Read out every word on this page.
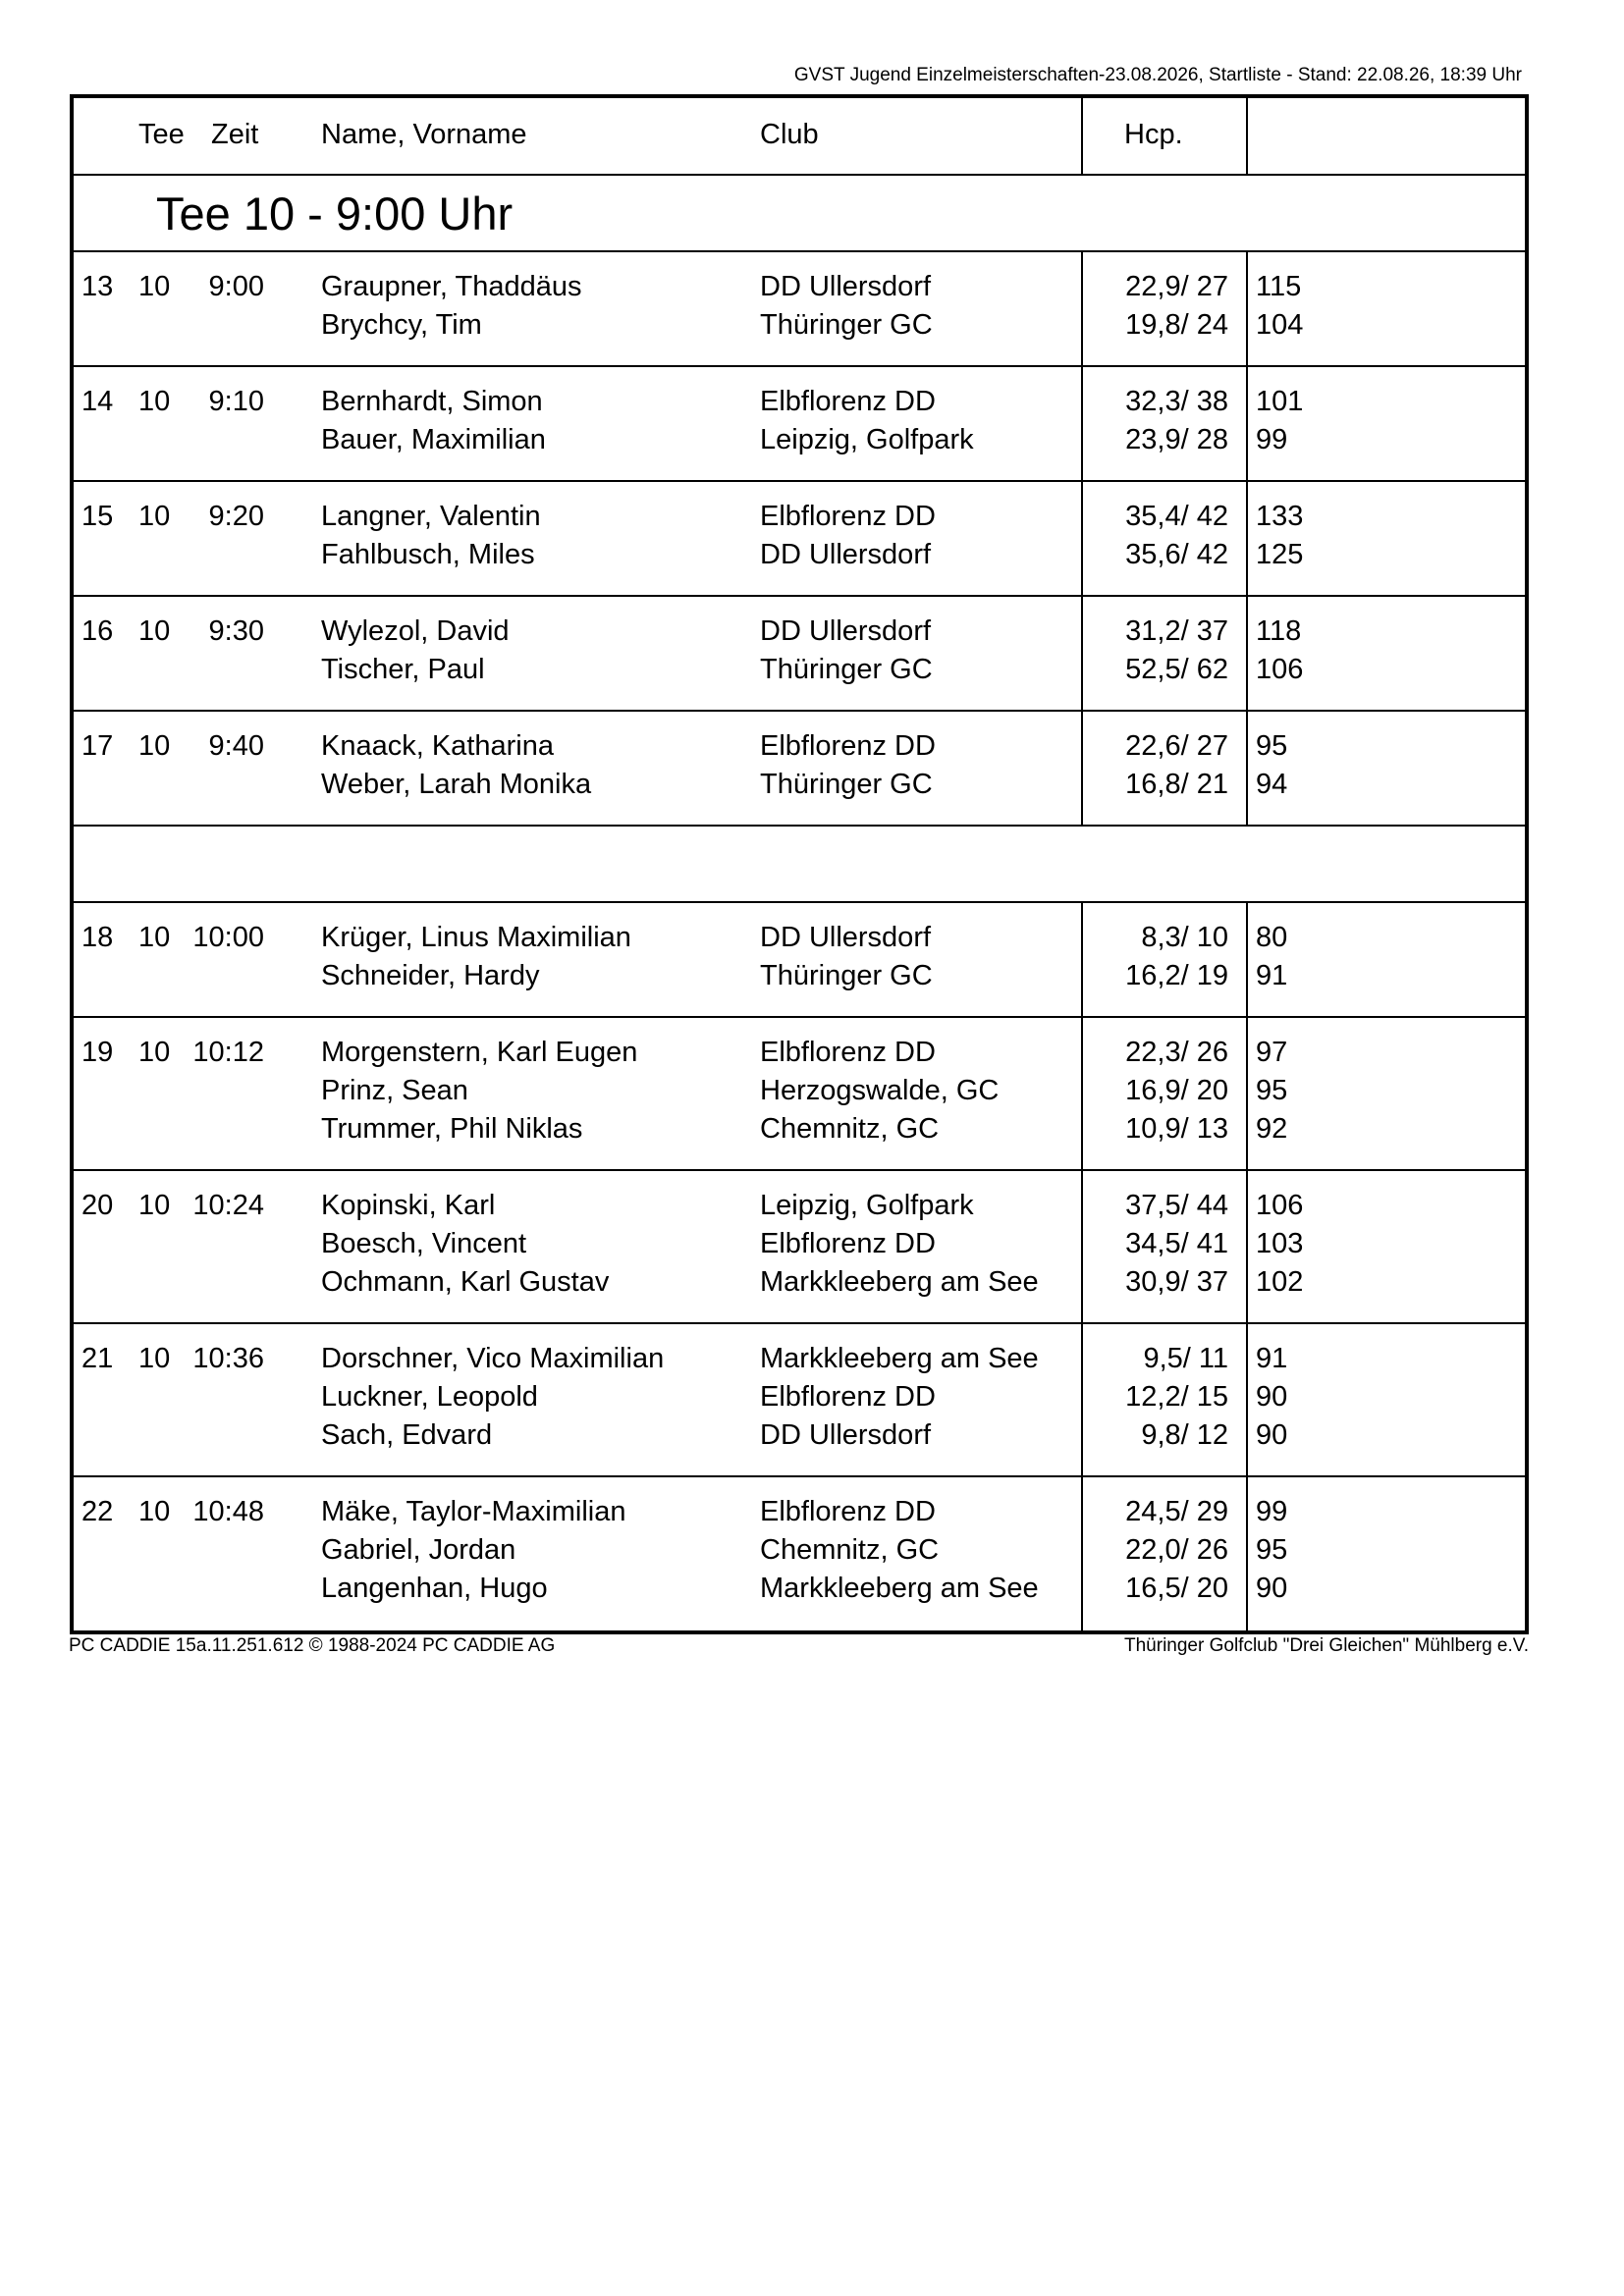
GVST Jugend Einzelmeisterschaften-23.08.2026, Startliste - Stand: 22.08.26, 18:39 Uhr
Tee Zeit Name, Vorname	Club	Hcp.
Tee 10 - 9:00 Uhr
13 10	9:00 Graupner, Thaddäus	DD Ullersdorf	22,9/ 27 115
Brychcy, Tim	Thüringer GC	19,8/ 24 104
14 10	9:10 Bernhardt, Simon	Elbflorenz DD	32,3/ 38 101
Bauer, Maximilian	Leipzig, Golfpark	23,9/ 28 99
15 10	9:20 Langner, Valentin	Elbflorenz DD	35,4/ 42 133
Fahlbusch, Miles	DD Ullersdorf	35,6/ 42 125
16 10	9:30 Wylezol, David	DD Ullersdorf	31,2/ 37 118
Tischer, Paul	Thüringer GC	52,5/ 62 106
17 10	9:40 Knaack, Katharina	Elbflorenz DD	22,6/ 27 95
Weber, Larah Monika	Thüringer GC	16,8/ 21 94
18 10 10:00 Krüger, Linus Maximilian	DD Ullersdorf	8,3/ 10 80
Schneider, Hardy	Thüringer GC	16,2/ 19 91
19 10 10:12 Morgenstern, Karl Eugen	Elbflorenz DD	22,3/ 26 97
Prinz, Sean	Herzogswalde, GC	16,9/ 20 95
Trummer, Phil Niklas	Chemnitz, GC	10,9/ 13 92
20 10 10:24 Kopinski, Karl	Leipzig, Golfpark	37,5/ 44 106
Boesch, Vincent	Elbflorenz DD	34,5/ 41 103
Ochmann, Karl Gustav	Markkleeberg am See	30,9/ 37 102
21 10 10:36 Dorschner, Vico Maximilian	Markkleeberg am See	9,5/ 11 91
Luckner, Leopold	Elbflorenz DD	12,2/ 15 90
Sach, Edvard	DD Ullersdorf	9,8/ 12 90
22 10 10:48 Mäke, Taylor-Maximilian	Elbflorenz DD	24,5/ 29 99
Gabriel, Jordan	Chemnitz, GC	22,0/ 26 95
Langenhan, Hugo	Markkleeberg am See	16,5/ 20 90
PC CADDIE 15a.11.251.612 © 1988-2024 PC CADDIE AG	Thüringer Golfclub "Drei Gleichen" Mühlberg e.V.
